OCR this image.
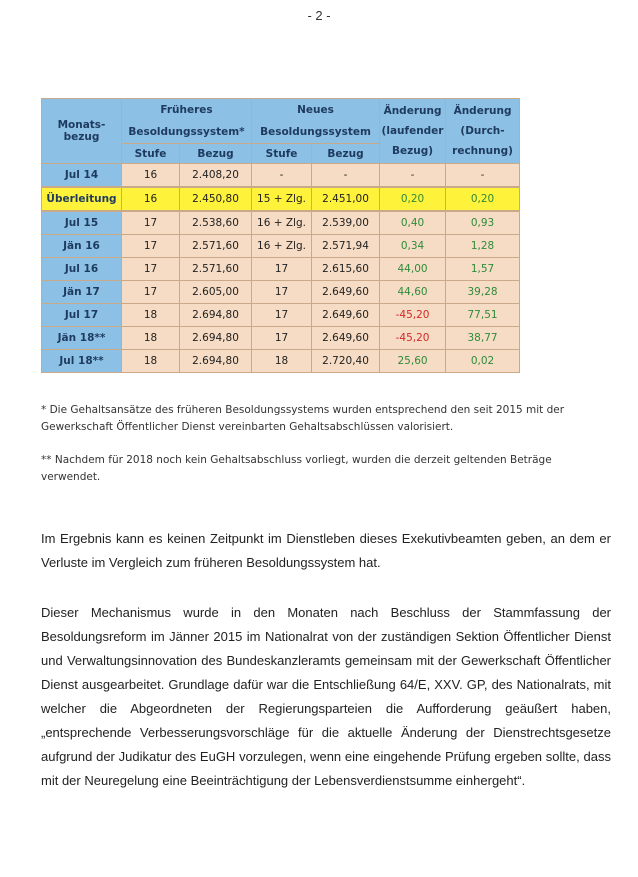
- 2 -
Monats- bezug	Früheres Besoldungssystem*		Neues Besoldungssystem		Änderung (laufender Bezug)	Änderung (Durch- rechnung)

	Stufe	Bezug	Stufe	Bezug		
Jul 14	16	2.408,20	-	-	-	-
Überleitung	16	2.450,80	15 + Zlg.	2.451,00	0,20	0,20
Jul 15	17	2.538,60	16 + Zlg.	2.539,00	0,40	0,93
Jän 16	17	2.571,60	16 + Zlg.	2.571,94	0,34	1,28
Jul 16	17	2.571,60	17	2.615,60	44,00	1,57
Jän 17	17	2.605,00	17	2.649,60	44,60	39,28
Jul 17	18	2.694,80	17	2.649,60	-45,20	77,51
Jän 18**	18	2.694,80	17	2.649,60	-45,20	38,77
Jul 18**	18	2.694,80	18	2.720,40	25,60	0,02
* Die Gehaltsansätze des früheren Besoldungssystems wurden entsprechend den seit 2015 mit der Gewerkschaft Öffentlicher Dienst vereinbarten Gehaltsabschlüssen valorisiert.
** Nachdem für 2018 noch kein Gehaltsabschluss vorliegt, wurden die derzeit geltenden Beträge verwendet.
Im Ergebnis kann es keinen Zeitpunkt im Dienstleben dieses Exekutivbeamten geben, an dem er Verluste im Vergleich zum früheren Besoldungssystem hat.
Dieser Mechanismus wurde in den Monaten nach Beschluss der Stammfassung der Besoldungsreform im Jänner 2015 im Nationalrat von der zuständigen Sektion Öffentlicher Dienst und Verwaltungsinnovation des Bundeskanzleramts gemeinsam mit der Gewerkschaft Öffentlicher Dienst ausgearbeitet. Grundlage dafür war die Entschließung 64/E, XXV. GP, des Nationalrats, mit welcher die Abgeordneten der Regierungsparteien die Aufforderung geäußert haben, „entsprechende Verbesserungsvorschläge für die aktuelle Änderung der Dienstrechtsgesetze aufgrund der Judikatur des EuGH vorzulegen, wenn eine eingehende Prüfung ergeben sollte, dass mit der Neuregelung eine Beeinträchtigung der Lebensverdienstsumme einhergeht“.
